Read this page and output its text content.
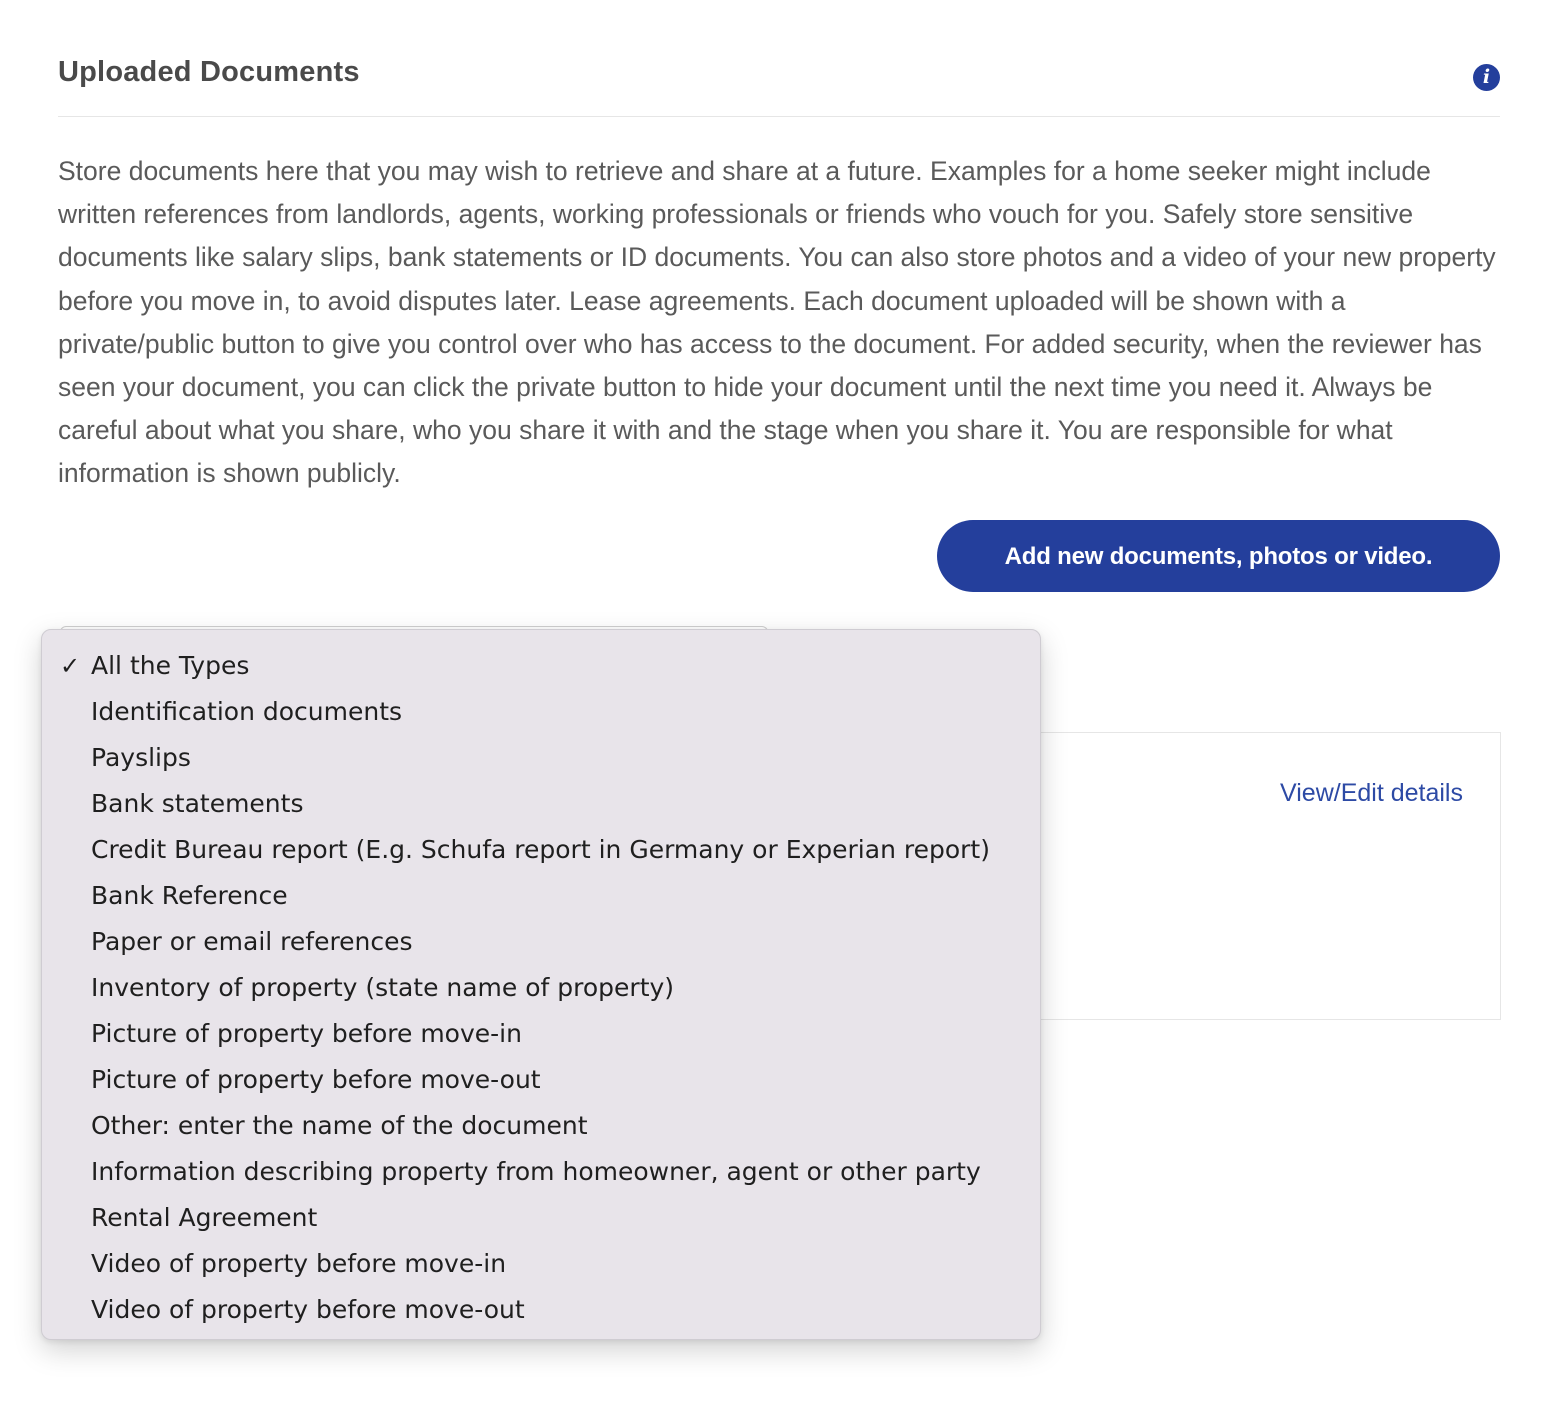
Uploaded Documents	i

Store documents here that you may wish to retrieve and share at a future. Examples for a home seeker might include written references from landlords, agents, working professionals or friends who vouch for you. Safely store sensitive documents like salary slips, bank statements or ID documents. You can also store photos and a video of your new property before you move in, to avoid disputes later. Lease agreements. Each document uploaded will be shown with a private/public button to give you control over who has access to the document. For added security, when the reviewer has seen your document, you can click the private button to hide your document until the next time you need it. Always be careful about what you share, who you share it with and the stage when you share it. You are responsible for what information is shown publicly.

Add new documents, photos or video.
View/Edit details
✓ All the Types
Identification documents
Payslips
Bank statements
Credit Bureau report (E.g. Schufa report in Germany or Experian report)
Bank Reference
Paper or email references
Inventory of property (state name of property)
Picture of property before move-in
Picture of property before move-out
Other: enter the name of the document
Information describing property from homeowner, agent or other party
Rental Agreement
Video of property before move-in
Video of property before move-out
